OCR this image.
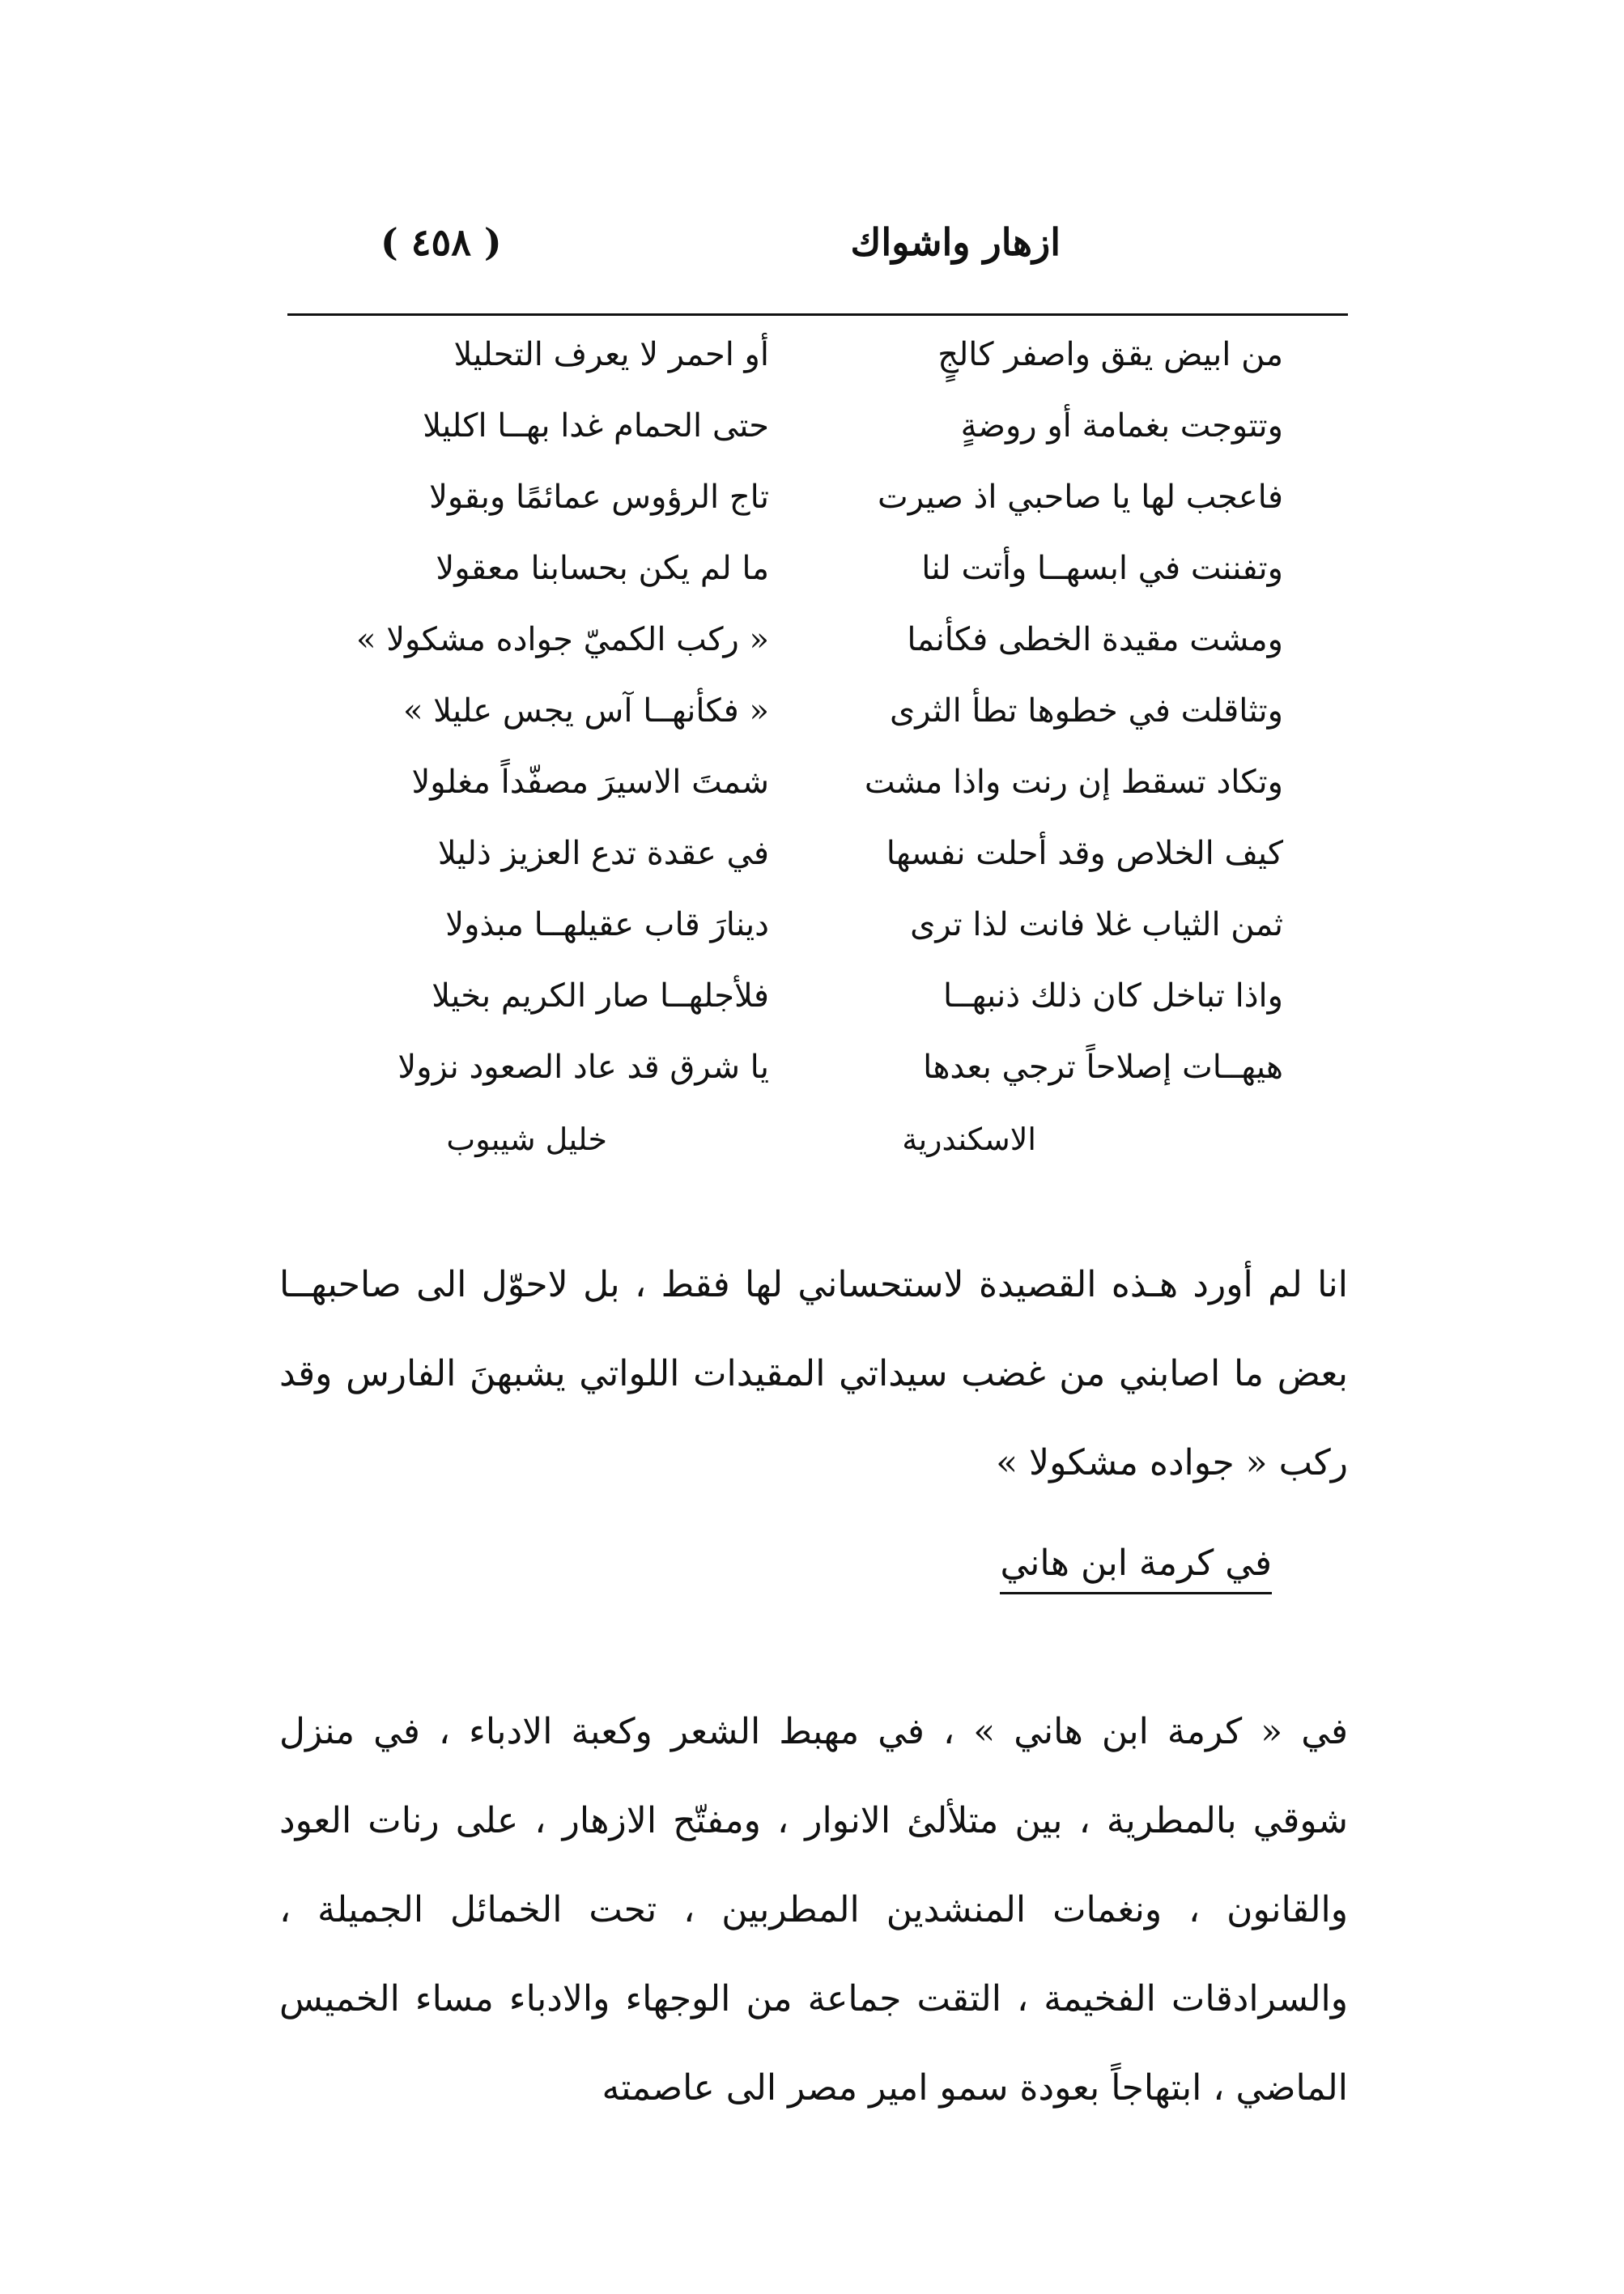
ازهار واشواك
( ٤٥٨ )
من ابيض يقق واصفر كالجٍ
أو احمر لا يعرف التحليلا
وتتوجت بغمامة أو روضةٍ
حتى الحمام غدا بهــا اكليلا
فاعجب لها يا صاحبي اذ صيرت
تاج الرؤوس عمائمًا وبقولا
وتفننت في ابسهــا وأتت لنا
ما لم يكن بحسابنا معقولا
ومشت مقيدة الخطى فكأنما
« ركب الكميّ جواده مشكولا »
وتثاقلت في خطوها تطأ الثرى
« فكأنهــا آس يجس عليلا »
وتكاد تسقط إن رنت واذا مشت
شمتَ الاسيرَ مصفّداً مغلولا
كيف الخلاص وقد أحلت نفسها
في عقدة تدع العزيز ذليلا
ثمن الثياب غلا فانت لذا ترى
دينارَ قاب عقيلهــا مبذولا
واذا تباخل كان ذلك ذنبهــا
فلأجلهــا صار الكريم بخيلا
هيهــات إصلاحاً ترجي بعدها
يا شرق قد عاد الصعود نزولا
الاسكندرية
خليل شيبوب

انا لم أورد هـذه القصيدة لاستحساني لها فقط ، بل لاحوّل الى صاحبهــا بعض ما اصابني من غضب سيداتي المقيدات اللواتي يشبهنَ الفارس وقد ركب « جواده مشكولا »

في كرمة ابن هاني

في « كرمة ابن هاني » ، في مهبط الشعر وكعبة الادباء ، في منزل شوقي بالمطرية ، بين متلألئ الانوار ، ومفتّح الازهار ، على رنات العود والقانون ، ونغمات المنشدين المطربين ، تحت الخمائل الجميلة ، والسرادقات الفخيمة ، التقت جماعة من الوجهاء والادباء مساء الخميس الماضي ، ابتهاجاً بعودة سمو امير مصر الى عاصمته
